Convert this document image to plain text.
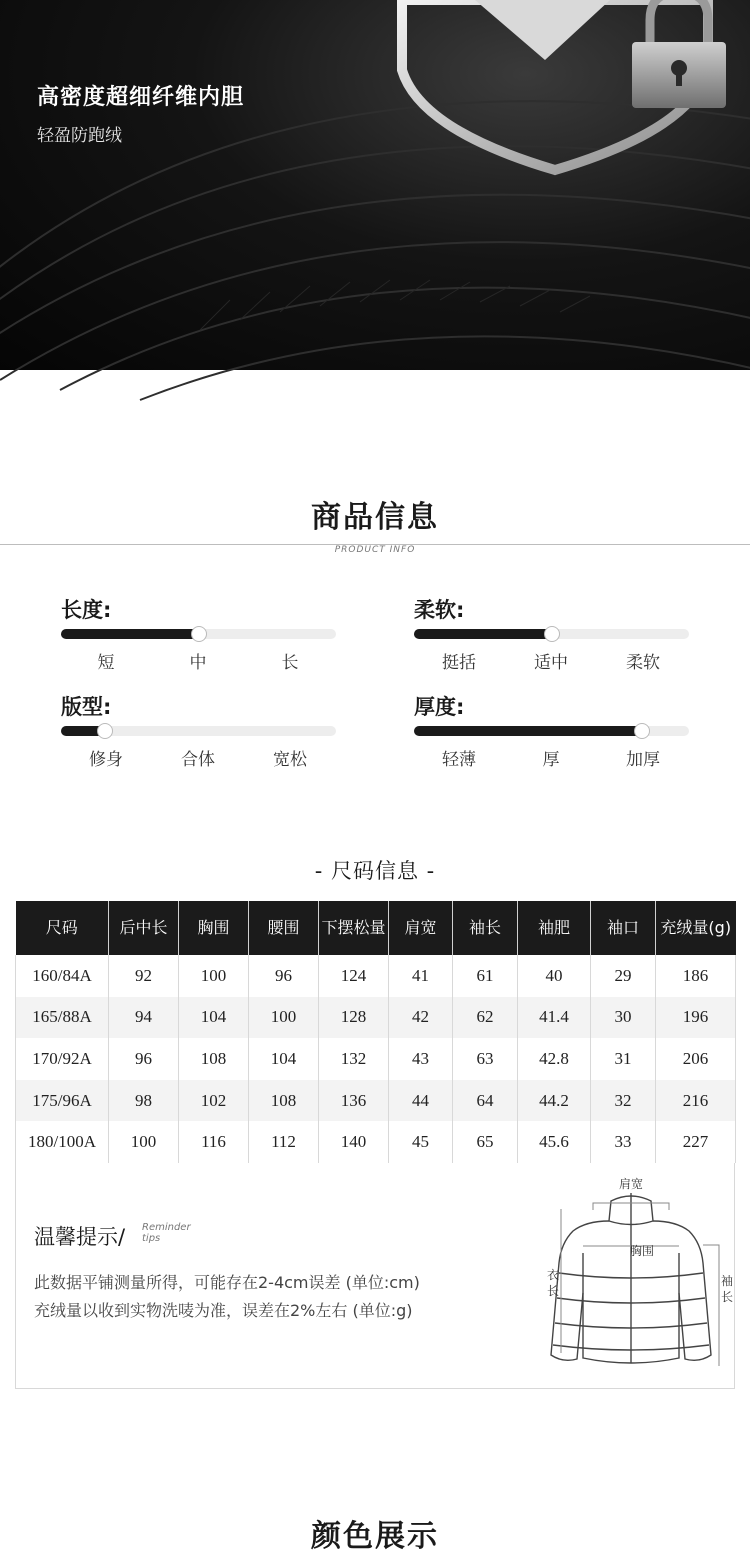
高密度超细纤维内胆
轻盈防跑绒
商品信息
PRODUCT INFO
长度:
短	中	长
柔软:
挺括	适中	柔软
版型:
修身	合体	宽松
厚度:
轻薄	厚	加厚
- 尺码信息 -
尺码	后中长	胸围	腰围	下摆松量	肩宽	袖长	袖肥	袖口	充绒量(g)
160/84A	92	100	96	124	41	61	40	29	186
165/88A	94	104	100	128	42	62	41.4	30	196
170/92A	96	108	104	132	43	63	42.8	31	206
175/96A	98	102	108	136	44	64	44.2	32	216
180/100A	100	116	112	140	45	65	45.6	33	227
温馨提示/ Reminder
tips
此数据平铺测量所得，可能存在2-4cm误差 (单位:cm)
充绒量以收到实物洗唛为准，误差在2%左右 (单位:g)
肩宽
胸围
衣
长
袖
长
颜色展示
